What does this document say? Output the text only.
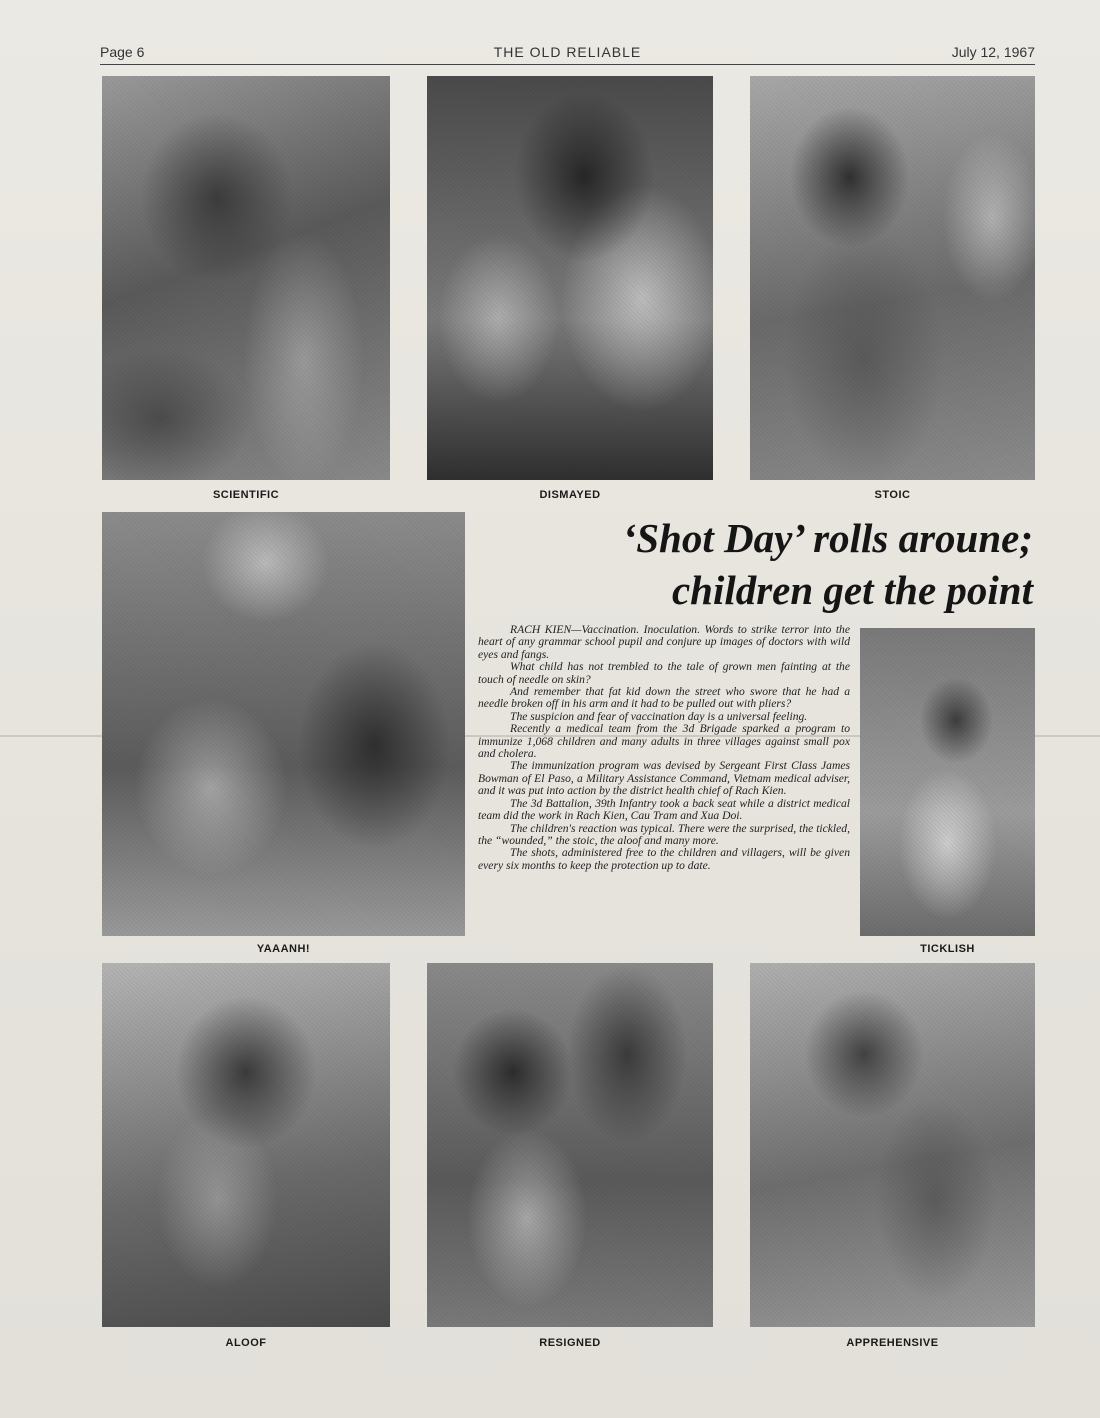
Page 6	THE OLD RELIABLE	July 12, 1967
SCIENTIFIC	DISMAYED	STOIC
YAAANH!
‘Shot Day’ rolls aroune;
children get the point

RACH KIEN—Vaccination. Inoculation. Words to strike terror into the heart of any grammar school pupil and conjure up images of doctors with wild eyes and fangs.

What child has not trembled to the tale of grown men fainting at the touch of needle on skin?

And remember that fat kid down the street who swore that he had a needle broken off in his arm and it had to be pulled out with pliers?

The suspicion and fear of vaccination day is a universal feeling.

Recently a medical team from the 3d Brigade sparked a program to immunize 1,068 children and many adults in three villages against small pox and cholera.

The immunization program was devised by Sergeant First Class James Bowman of El Paso, a Military Assistance Command, Vietnam medical adviser, and it was put into action by the district health chief of Rach Kien.

The 3d Battalion, 39th Infantry took a back seat while a district medical team did the work in Rach Kien, Cau Tram and Xua Doi.

The children's reaction was typical. There were the surprised, the tickled, the “wounded,” the stoic, the aloof and many more.

The shots, administered free to the children and villagers, will be given every six months to keep the protection up to date.

TICKLISH
ALOOF	RESIGNED	APPREHENSIVE
